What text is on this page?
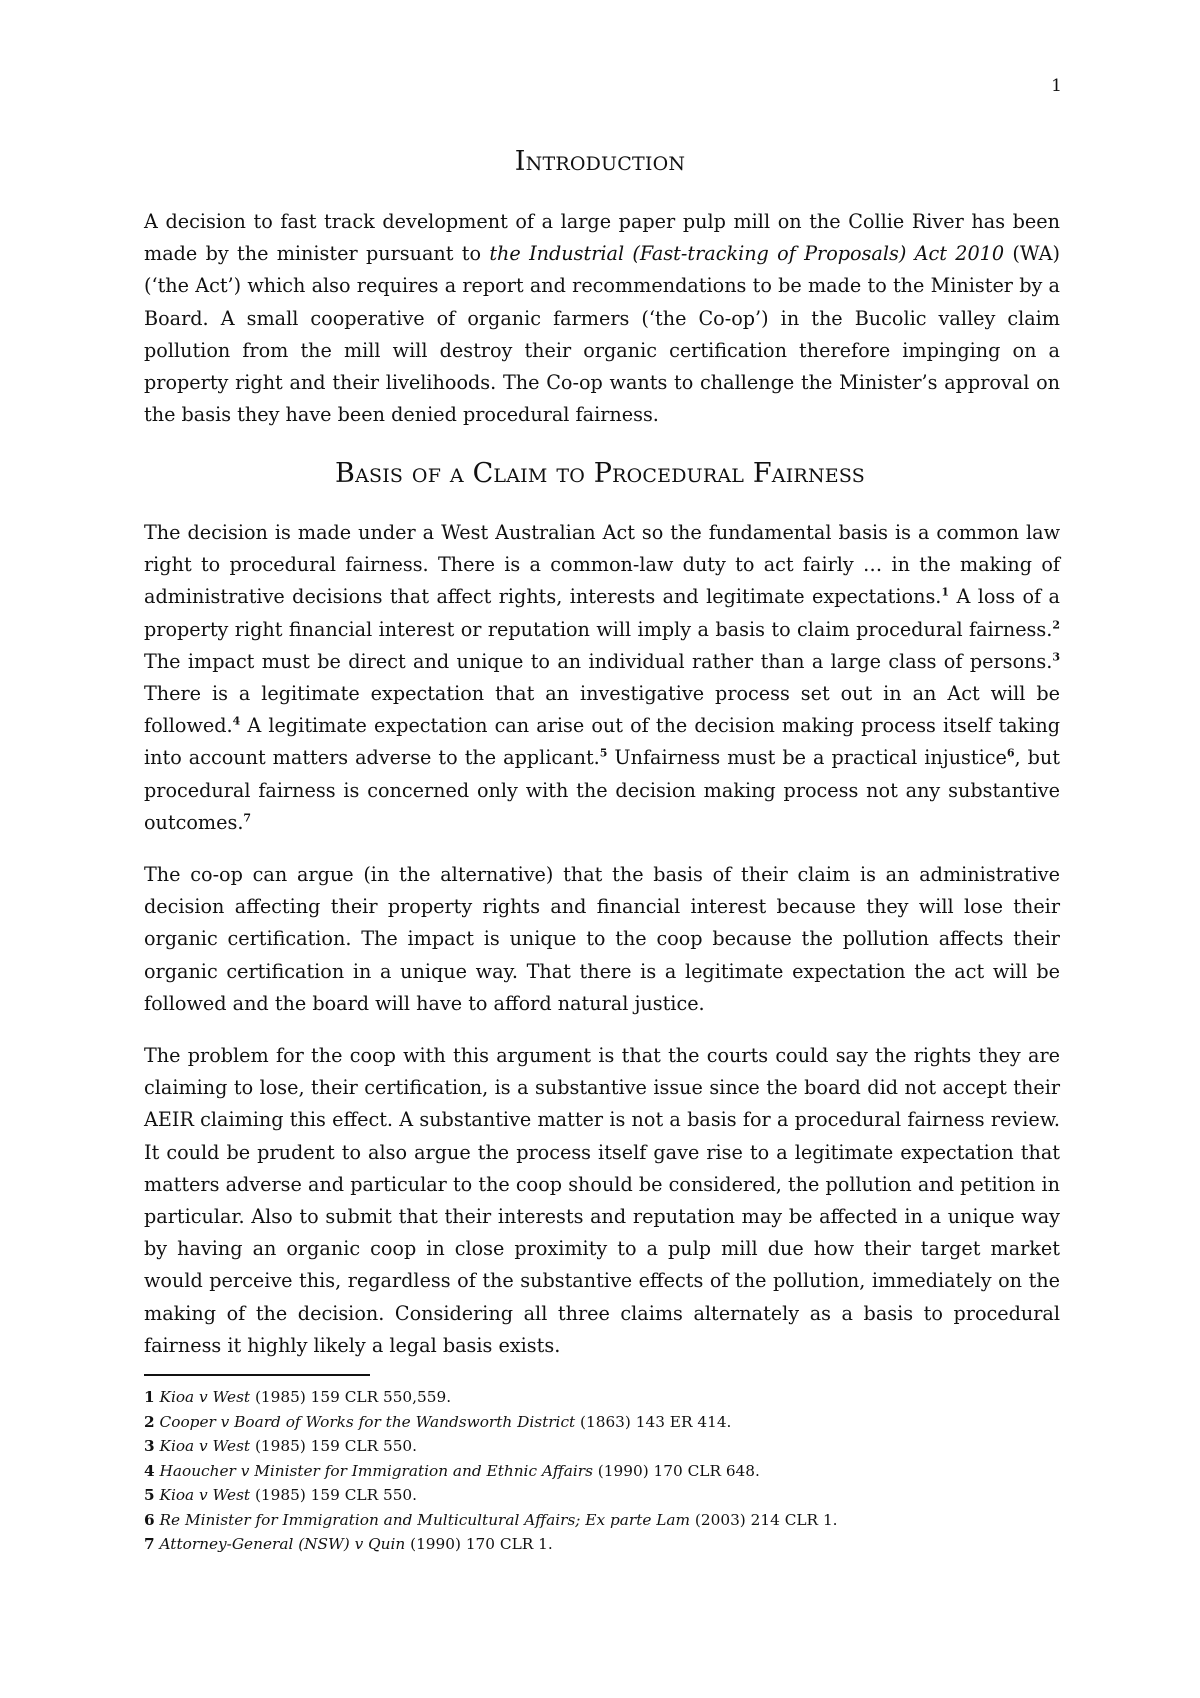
1
Introduction

A decision to fast track development of a large paper pulp mill on the Collie River has been made by the minister pursuant to the Industrial (Fast-tracking of Proposals) Act 2010 (WA) (‘the Act’) which also requires a report and recommendations to be made to the Minister by a Board. A small cooperative of organic farmers (‘the Co-op’) in the Bucolic valley claim pollution from the mill will destroy their organic certification therefore impinging on a property right and their livelihoods. The Co-op wants to challenge the Minister’s approval on the basis they have been denied procedural fairness.

Basis of a Claim to Procedural Fairness

The decision is made under a West Australian Act so the fundamental basis is a common law right to procedural fairness. There is a common-law duty to act fairly … in the making of administrative decisions that affect rights, interests and legitimate expectations.$^1$ A loss of a property right financial interest or reputation will imply a basis to claim procedural fairness.$^2$ The impact must be direct and unique to an individual rather than a large class of persons.$^3$ There is a legitimate expectation that an investigative process set out in an Act will be followed.$^4$ A legitimate expectation can arise out of the decision making process itself taking into account matters adverse to the applicant.$^5$ Unfairness must be a practical injustice$^6$, but procedural fairness is concerned only with the decision making process not any substantive outcomes.$^7$

The co-op can argue (in the alternative) that the basis of their claim is an administrative decision affecting their property rights and financial interest because they will lose their organic certification. The impact is unique to the coop because the pollution affects their organic certification in a unique way. That there is a legitimate expectation the act will be followed and the board will have to afford natural justice.

The problem for the coop with this argument is that the courts could say the rights they are claiming to lose, their certification, is a substantive issue since the board did not accept their AEIR claiming this effect. A substantive matter is not a basis for a procedural fairness review. It could be prudent to also argue the process itself gave rise to a legitimate expectation that matters adverse and particular to the coop should be considered, the pollution and petition in particular. Also to submit that their interests and reputation may be affected in a unique way by having an organic coop in close proximity to a pulp mill due how their target market would perceive this, regardless of the substantive effects of the pollution, immediately on the making of the decision. Considering all three claims alternately as a basis to procedural fairness it highly likely a legal basis exists.

1 Kioa v West (1985) 159 CLR 550,559.
2 Cooper v Board of Works for the Wandsworth District (1863) 143 ER 414.
3 Kioa v West (1985) 159 CLR 550.
4 Haoucher v Minister for Immigration and Ethnic Affairs (1990) 170 CLR 648.
5 Kioa v West (1985) 159 CLR 550.
6 Re Minister for Immigration and Multicultural Affairs; Ex parte Lam (2003) 214 CLR 1.
7 Attorney-General (NSW) v Quin (1990) 170 CLR 1.
